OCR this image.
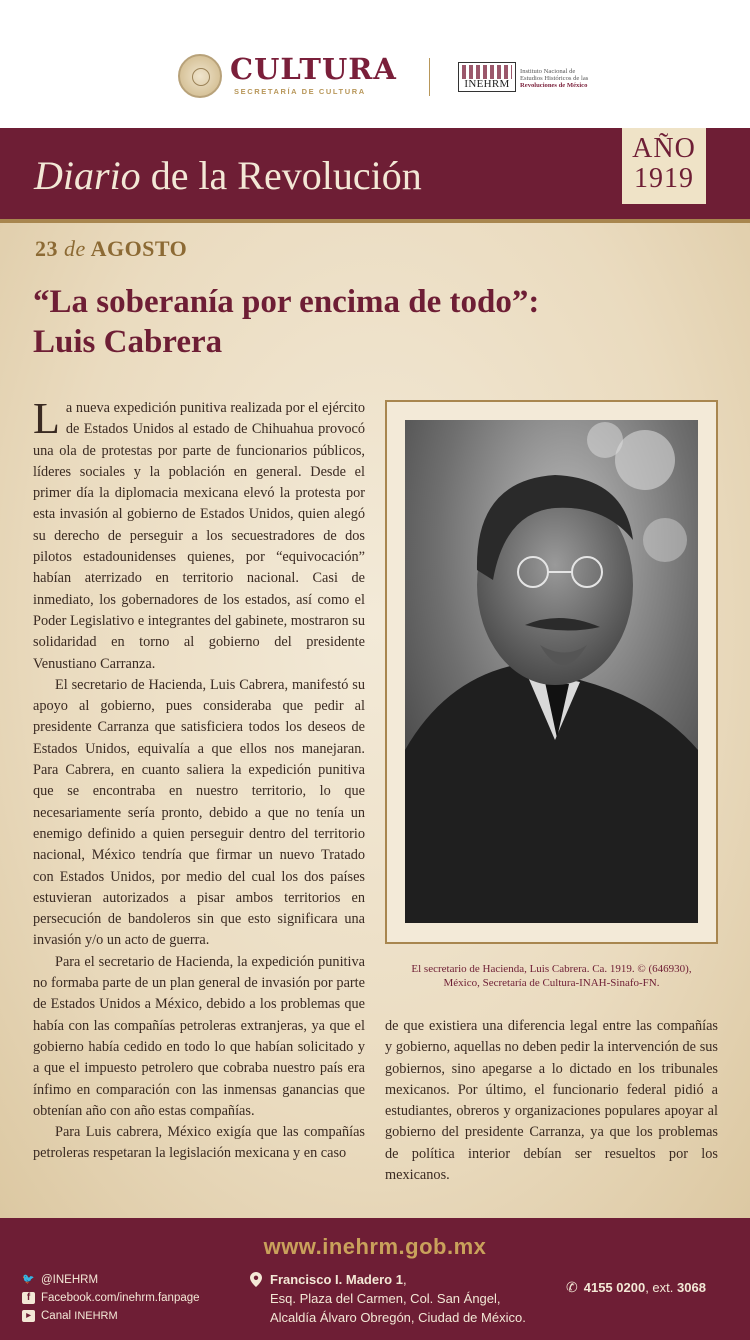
CULTURA
SECRETARÍA DE CULTURA
INEHRM
Instituto Nacional de
Estudios Históricos de las
Revoluciones de México
Diario de la Revolución
AÑO
1919
23 de AGOSTO
“La soberanía por encima de todo”:
Luis Cabrera

La nueva expedición punitiva realizada por el ejército de Estados Unidos al estado de Chihuahua provocó una ola de protestas por parte de funcionarios públicos, líderes sociales y la población en general. Desde el primer día la diplomacia mexicana elevó la protesta por esta invasión al gobierno de Estados Unidos, quien alegó su derecho de perseguir a los secuestradores de dos pilotos estadounidenses quienes, por “equivocación” habían aterrizado en territorio nacional. Casi de inmediato, los gobernadores de los estados, así como el Poder Legislativo e integrantes del gabinete, mostraron su solidaridad en torno al gobierno del presidente Venustiano Carranza.

El secretario de Hacienda, Luis Cabrera, manifestó su apoyo al gobierno, pues consideraba que pedir al presidente Carranza que satisficiera todos los deseos de Estados Unidos, equivalía a que ellos nos manejaran. Para Cabrera, en cuanto saliera la expedición punitiva que se encontraba en nuestro territorio, lo que necesariamente sería pronto, debido a que no tenía un enemigo definido a quien perseguir dentro del territorio nacional, México tendría que firmar un nuevo Tratado con Estados Unidos, por medio del cual los dos países estuvieran autorizados a pisar ambos territorios en persecución de bandoleros sin que esto significara una invasión y/o un acto de guerra.

Para el secretario de Hacienda, la expedición punitiva no formaba parte de un plan general de invasión por parte de Estados Unidos a México, debido a los problemas que había con las compañías petroleras extranjeras, ya que el gobierno había cedido en todo lo que habían solicitado y a que el impuesto petrolero que cobraba nuestro país era ínfimo en comparación con las inmensas ganancias que obtenían año con año estas compañías.

Para Luis cabrera, México exigía que las compañías petroleras respetaran la legislación mexicana y en caso

El secretario de Hacienda, Luis Cabrera. Ca. 1919. © (646930),
México, Secretaría de Cultura-INAH-Sinafo-FN.

de que existiera una diferencia legal entre las compañías y gobierno, aquellas no deben pedir la intervención de sus gobiernos, sino apegarse a lo dictado en los tribunales mexicanos. Por último, el funcionario federal pidió a estudiantes, obreros y organizaciones populares apoyar al gobierno del presidente Carranza, ya que los problemas de política interior debían ser resueltos por los mexicanos.

www.inehrm.gob.mx
🐦 @INEHRM
f Facebook.com/inehrm.fanpage
▶ Canal
INEHRM
Francisco I. Madero 1,
Esq. Plaza del Carmen, Col. San Ángel,
Alcaldía Álvaro Obregón, Ciudad de México.
✆ 4155 0200, ext. 3068
